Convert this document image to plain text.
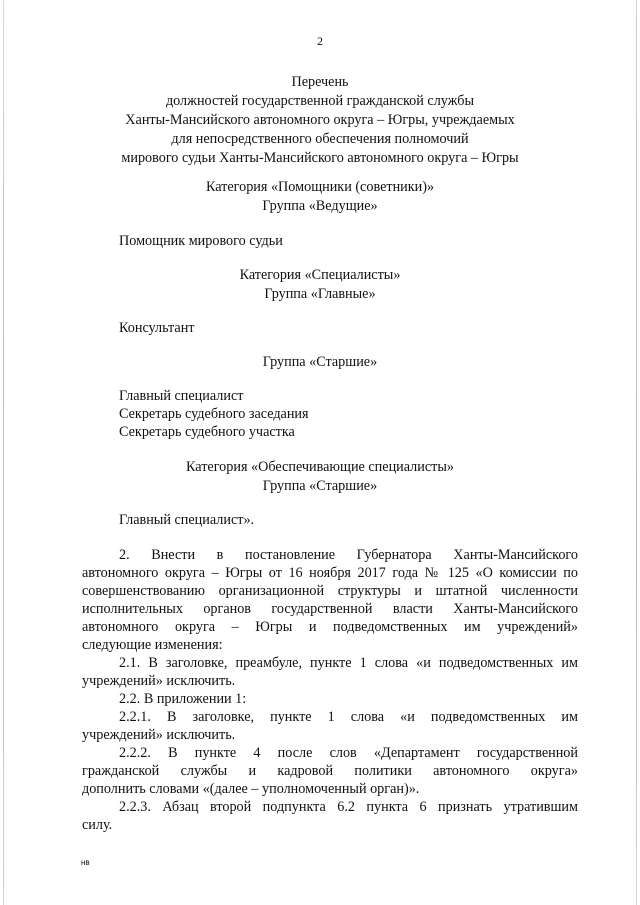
2
Перечень
должностей государственной гражданской службы
Ханты-Мансийского автономного округа – Югры, учреждаемых
для непосредственного обеспечения полномочий
мирового судьи Ханты-Мансийского автономного округа – Югры
Категория «Помощники (советники)»
Группа «Ведущие»
Помощник мирового судьи
Категория «Специалисты»
Группа «Главные»
Консультант
Группа «Старшие»
Главный специалист
Секретарь судебного заседания
Секретарь судебного участка
Категория «Обеспечивающие специалисты»
Группа «Старшие»
Главный специалист».
2. Внести в постановление Губернатора Ханты-Мансийского
автономного округа – Югры от 16 ноября 2017 года № 125 «О комиссии по
совершенствованию организационной структуры и штатной численности
исполнительных органов государственной власти Ханты-Мансийского
автономного округа – Югры и подведомственных им учреждений»
следующие изменения:
2.1. В заголовке, преамбуле, пункте 1 слова «и подведомственных им
учреждений» исключить.
2.2. В приложении 1:
2.2.1. В заголовке, пункте 1 слова «и подведомственных им
учреждений» исключить.
2.2.2. В пункте 4 после слов «Департамент государственной
гражданской службы и кадровой политики автономного округа»
дополнить словами «(далее – уполномоченный орган)».
2.2.3. Абзац второй подпункта 6.2 пункта 6 признать утратившим
силу.
нв
